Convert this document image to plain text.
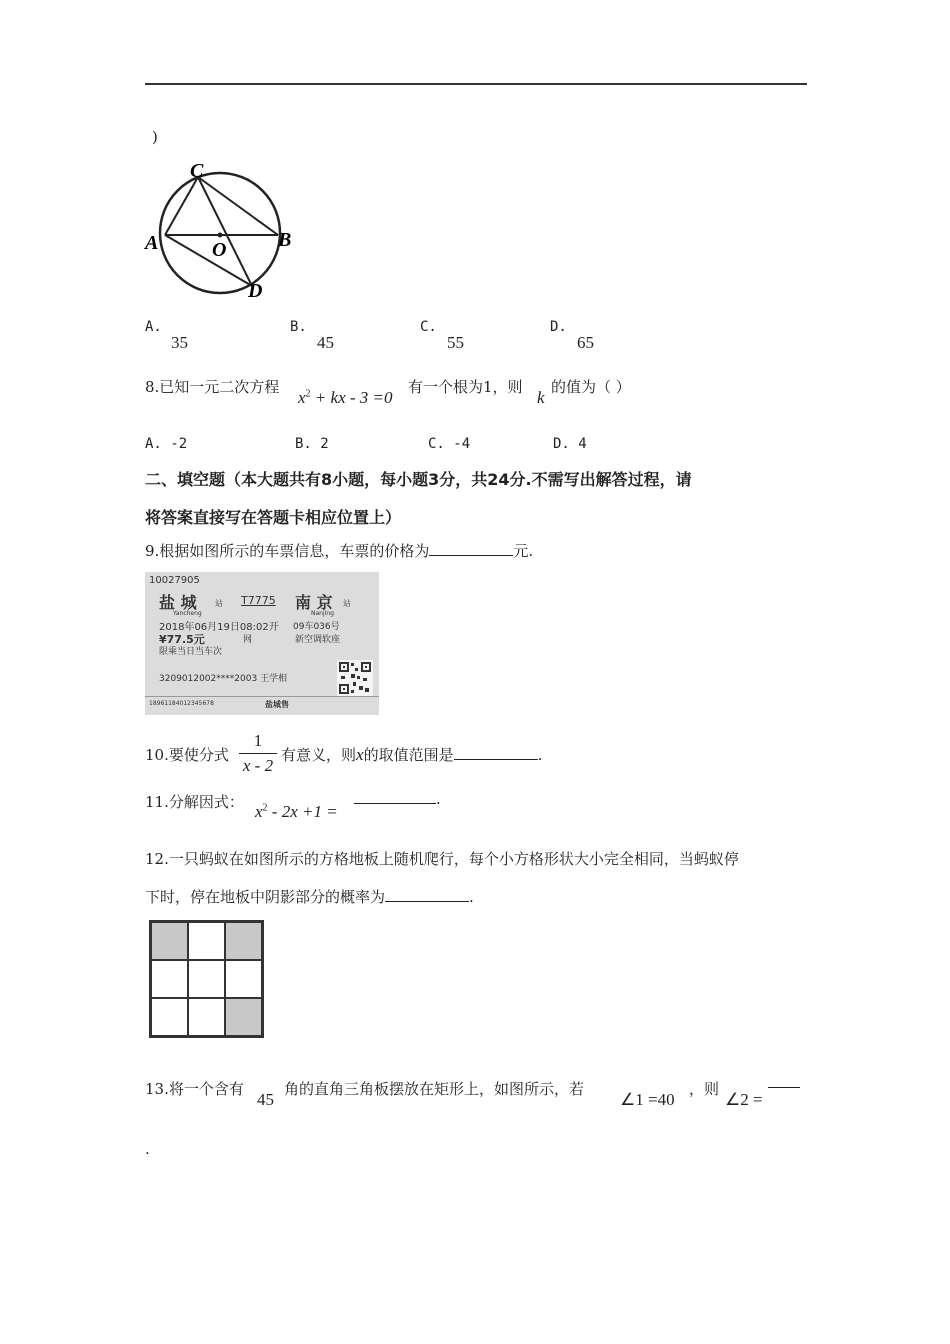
)
C
A	O	B
D
A.
35
B.
45
C.
55
D.
65
8.已知一元二次方程
$x^2$ + kx - 3 =0
有一个根为1，则
k
的值为（ ）
A. -2	B. 2	C. -4	D. 4
二、填空题（本大题共有8小题，每小题3分，共24分.不需写出解答过程，请
将答案直接写在答题卡相应位置上）
9.根据如图所示的车票信息，车票的价格为	元.
10027905
盐 城 站
Yancheng
T7775 南 京 站
Nanjing
2018年06月19日08:02开 09车036号
¥77.5元	网	新空调软座
限乘当日当车次
3209012002****2003 王学相
18961184012345678	盐城售
10.要使分式
1
x - 2
有意义，则x的取值范围是	.
11.分解因式： $x^2 - 2x +1$ =
.
12.一只蚂蚁在如图所示的方格地板上随机爬行，每个小方格形状大小完全相同，当蚂蚁停
下时，停在地板中阴影部分的概率为	.
13.将一个含有
45
角的直角三角板摆放在矩形上，如图所示，若
∠1 =40
，则
∠2 =
.
